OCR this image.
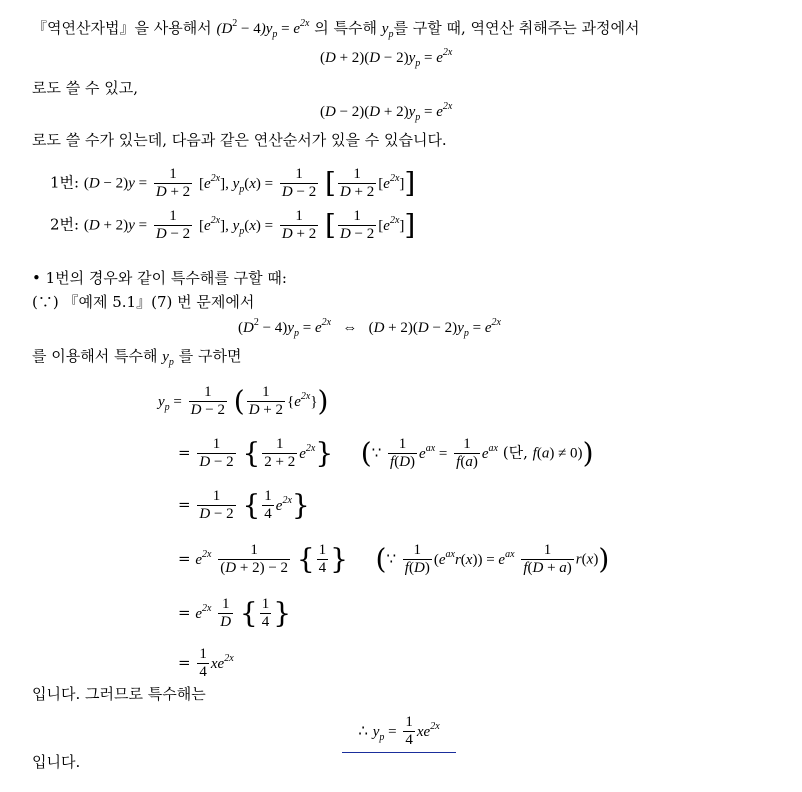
『역연산자법』을 사용해서 $(D^2 - 4)y_p = e^{2x}$ 의 특수해 $y_p$를 구할 때, 역연산 취해주는 과정에서
$(D + 2)(D - 2)y_p = e^{2x}$
로도 쓸 수 있고,
$(D - 2)(D + 2)y_p = e^{2x}$
로도 쓸 수가 있는데, 다음과 같은 연산순서가 있을 수 있습니다.
1번: $(D - 2)y = \frac{1}{D + 2} [e^{2x}]$, $y_p(x) = \frac{1}{D - 2}$ [ $\frac{1}{D + 2} [e^{2x}]$]
2번: $(D + 2)y = \frac{1}{D - 2} [e^{2x}]$, $y_p(x) = \frac{1}{D + 2}$ [ $\frac{1}{D - 2} [e^{2x}]$]
• 1번의 경우와 같이 특수해를 구할 때:
(∵) 『예제 5.1』(7) 번 문제에서
$(D^2 - 4)y_p = e^{2x}$   ⇔   $(D + 2)(D - 2)y_p = e^{2x}$
를 이용해서 특수해 $y_p$ 를 구하면
$y_p = \frac{1}{D - 2}$ ( $\frac{1}{D + 2} \{e^{2x}\}$)
= $\frac{1}{D - 2}$ { $\frac{1}{2 + 2} e^{2x}$} (∵ $\frac{1}{f(D)} e^{ax} = \frac{1}{f(a)} e^{ax}$ (단, f(a) ≠ 0))
= $\frac{1}{D - 2}$ { $\frac{1}{4} e^{2x}$}
= $e^{2x} \frac{1}{(D + 2) - 2}$ { $\frac{1}{4}$ } (∵ $\frac{1}{f(D)} (e^{ax}r(x)) = e^{ax} \frac{1}{f(D + a)} r(x)$)
= $e^{2x} \frac{1}{D}$ { $\frac{1}{4}$ }
= $\frac{1}{4} xe^{2x}$
입니다. 그러므로 특수해는
∴ $y_p = \frac{1}{4} xe^{2x}$
입니다.
